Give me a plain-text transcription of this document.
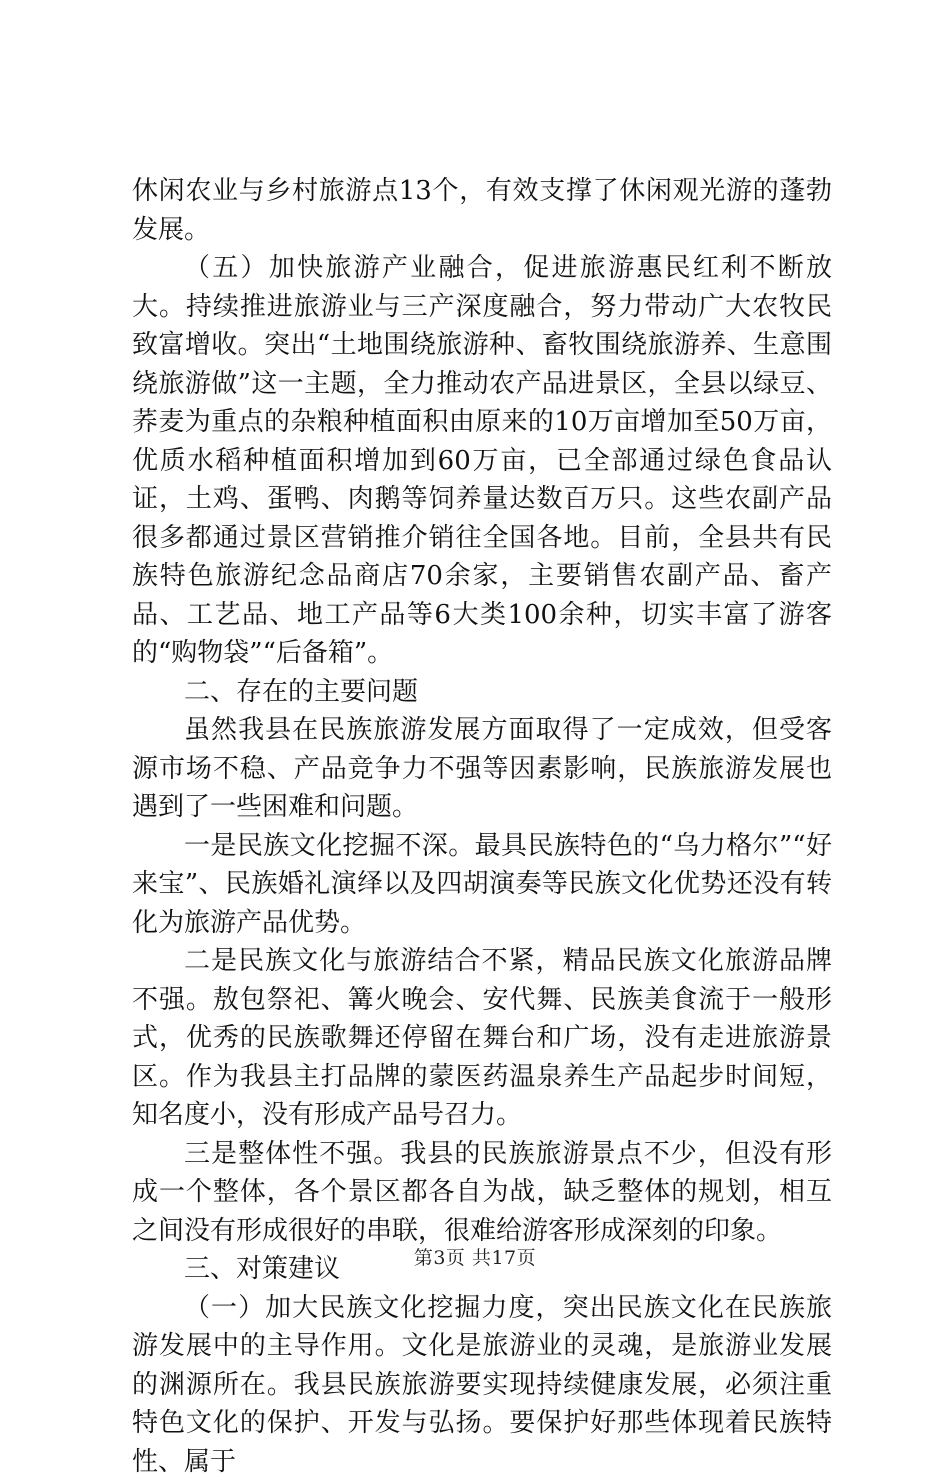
休闲农业与乡村旅游点13个，有效支撑了休闲观光游的蓬勃发展。

（五）加快旅游产业融合，促进旅游惠民红利不断放大。持续推进旅游业与三产深度融合，努力带动广大农牧民致富增收。突出“土地围绕旅游种、畜牧围绕旅游养、生意围绕旅游做”这一主题，全力推动农产品进景区，全县以绿豆、荞麦为重点的杂粮种植面积由原来的10万亩增加至50万亩，优质水稻种植面积增加到60万亩，已全部通过绿色食品认证，土鸡、蛋鸭、肉鹅等饲养量达数百万只。这些农副产品很多都通过景区营销推介销往全国各地。目前，全县共有民族特色旅游纪念品商店70余家，主要销售农副产品、畜产品、工艺品、地工产品等6大类100余种，切实丰富了游客的“购物袋”“后备箱”。

二、存在的主要问题

虽然我县在民族旅游发展方面取得了一定成效，但受客源市场不稳、产品竞争力不强等因素影响，民族旅游发展也遇到了一些困难和问题。

一是民族文化挖掘不深。最具民族特色的“乌力格尔”“好来宝”、民族婚礼演绎以及四胡演奏等民族文化优势还没有转化为旅游产品优势。

二是民族文化与旅游结合不紧，精品民族文化旅游品牌不强。敖包祭祀、篝火晚会、安代舞、民族美食流于一般形式，优秀的民族歌舞还停留在舞台和广场，没有走进旅游景区。作为我县主打品牌的蒙医药温泉养生产品起步时间短，知名度小，没有形成产品号召力。

三是整体性不强。我县的民族旅游景点不少，但没有形成一个整体，各个景区都各自为战，缺乏整体的规划，相互之间没有形成很好的串联，很难给游客形成深刻的印象。

三、对策建议

（一）加大民族文化挖掘力度，突出民族文化在民族旅游发展中的主导作用。文化是旅游业的灵魂，是旅游业发展的渊源所在。我县民族旅游要实现持续健康发展，必须注重特色文化的保护、开发与弘扬。要保护好那些体现着民族特性、属于

第3页 共17页
